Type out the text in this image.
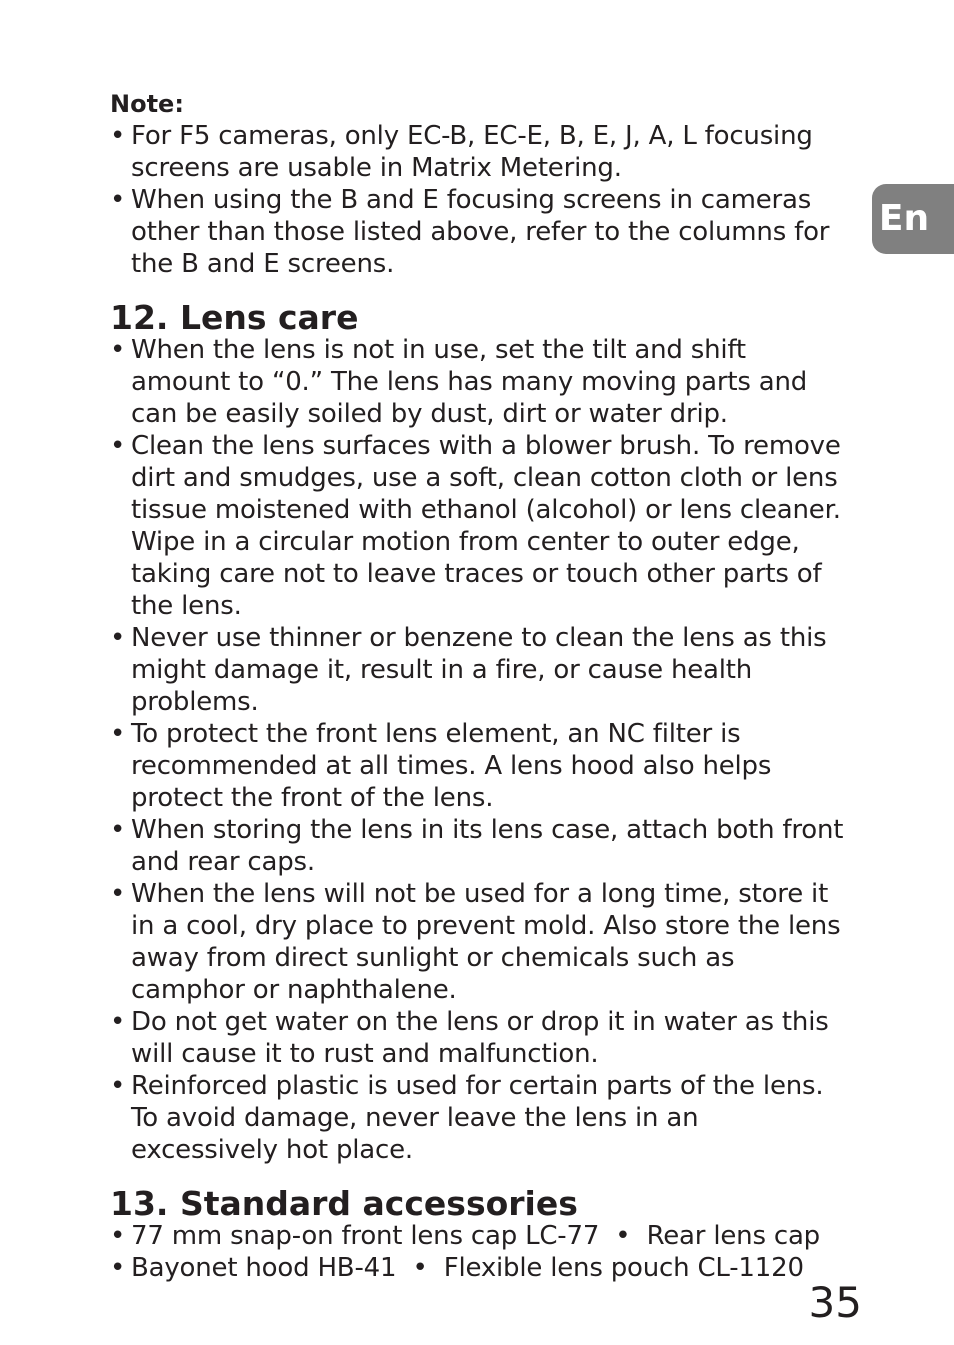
En

Note:

• For F5 cameras, only EC-B, EC-E, B, E, J, A, L focusing screens are usable in Matrix Metering.
• When using the B and E focusing screens in cameras other than those listed above, refer to the columns for the B and E screens.
12. Lens care
• When the lens is not in use, set the tilt and shift amount to “0.” The lens has many moving parts and can be easily soiled by dust, dirt or water drip.
• Clean the lens surfaces with a blower brush. To remove dirt and smudges, use a soft, clean cotton cloth or lens tissue moistened with ethanol (alcohol) or lens cleaner. Wipe in a circular motion from center to outer edge, taking care not to leave traces or touch other parts of the lens.
• Never use thinner or benzene to clean the lens as this might damage it, result in a fire, or cause health problems.
• To protect the front lens element, an NC filter is recommended at all times. A lens hood also helps protect the front of the lens.
• When storing the lens in its lens case, attach both front and rear caps.
• When the lens will not be used for a long time, store it in a cool, dry place to prevent mold. Also store the lens away from direct sunlight or chemicals such as camphor or naphthalene.
• Do not get water on the lens or drop it in water as this will cause it to rust and malfunction.
• Reinforced plastic is used for certain parts of the lens. To avoid damage, never leave the lens in an excessively hot place.
13. Standard accessories
• 77 mm snap-on front lens cap LC-77  •  Rear lens cap
• Bayonet hood HB-41  •  Flexible lens pouch CL-1120
35
